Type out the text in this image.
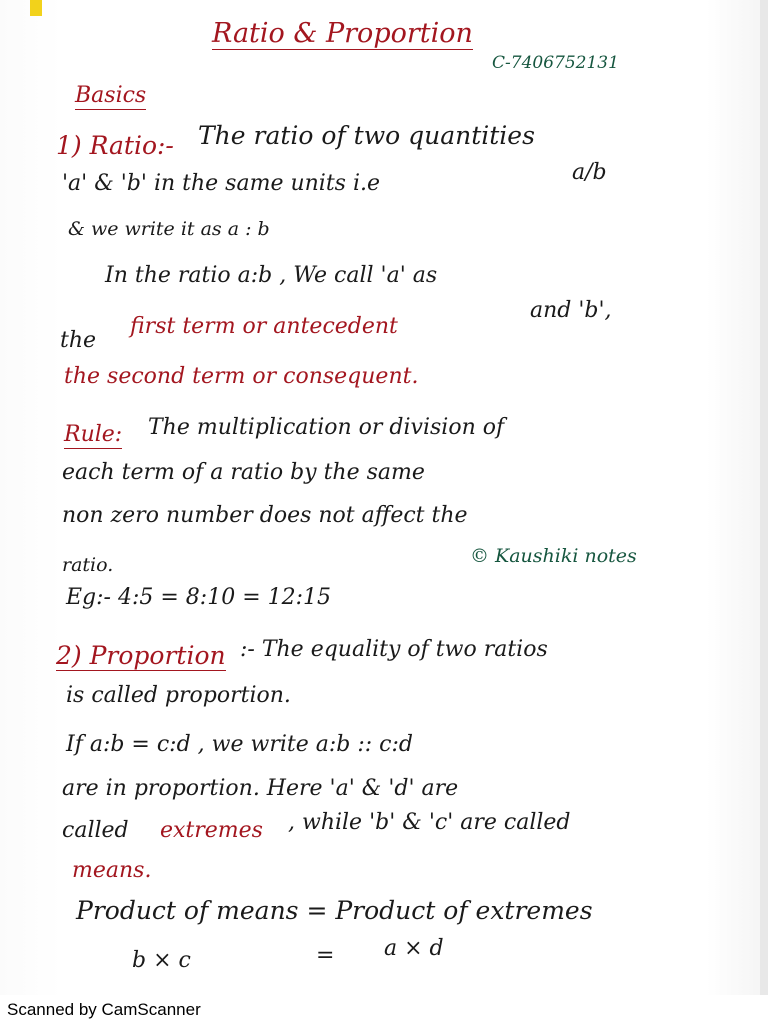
Ratio & Proportion
C-7406752131
Basics
1) Ratio:- The ratio of two quantities
'a' & 'b' in the same units i.e	a/b
& we write it as a : b
In the ratio a:b , We call 'a' as
the
first term or antecedent
and 'b',
the second term or consequent.
Rule: The multiplication or division of
each term of a ratio by the same
non zero number does not affect the
ratio.	© Kaushiki notes
Eg:- 4:5 = 8:10 = 12:15
2) Proportion :- The equality of two ratios
is called proportion.
If a:b = c:d , we write a:b :: c:d
are in proportion. Here 'a' & 'd' are
called extremes , while 'b' & 'c' are called
means.
Product of means = Product of extremes
b × c	= a × d
Scanned by CamScanner
